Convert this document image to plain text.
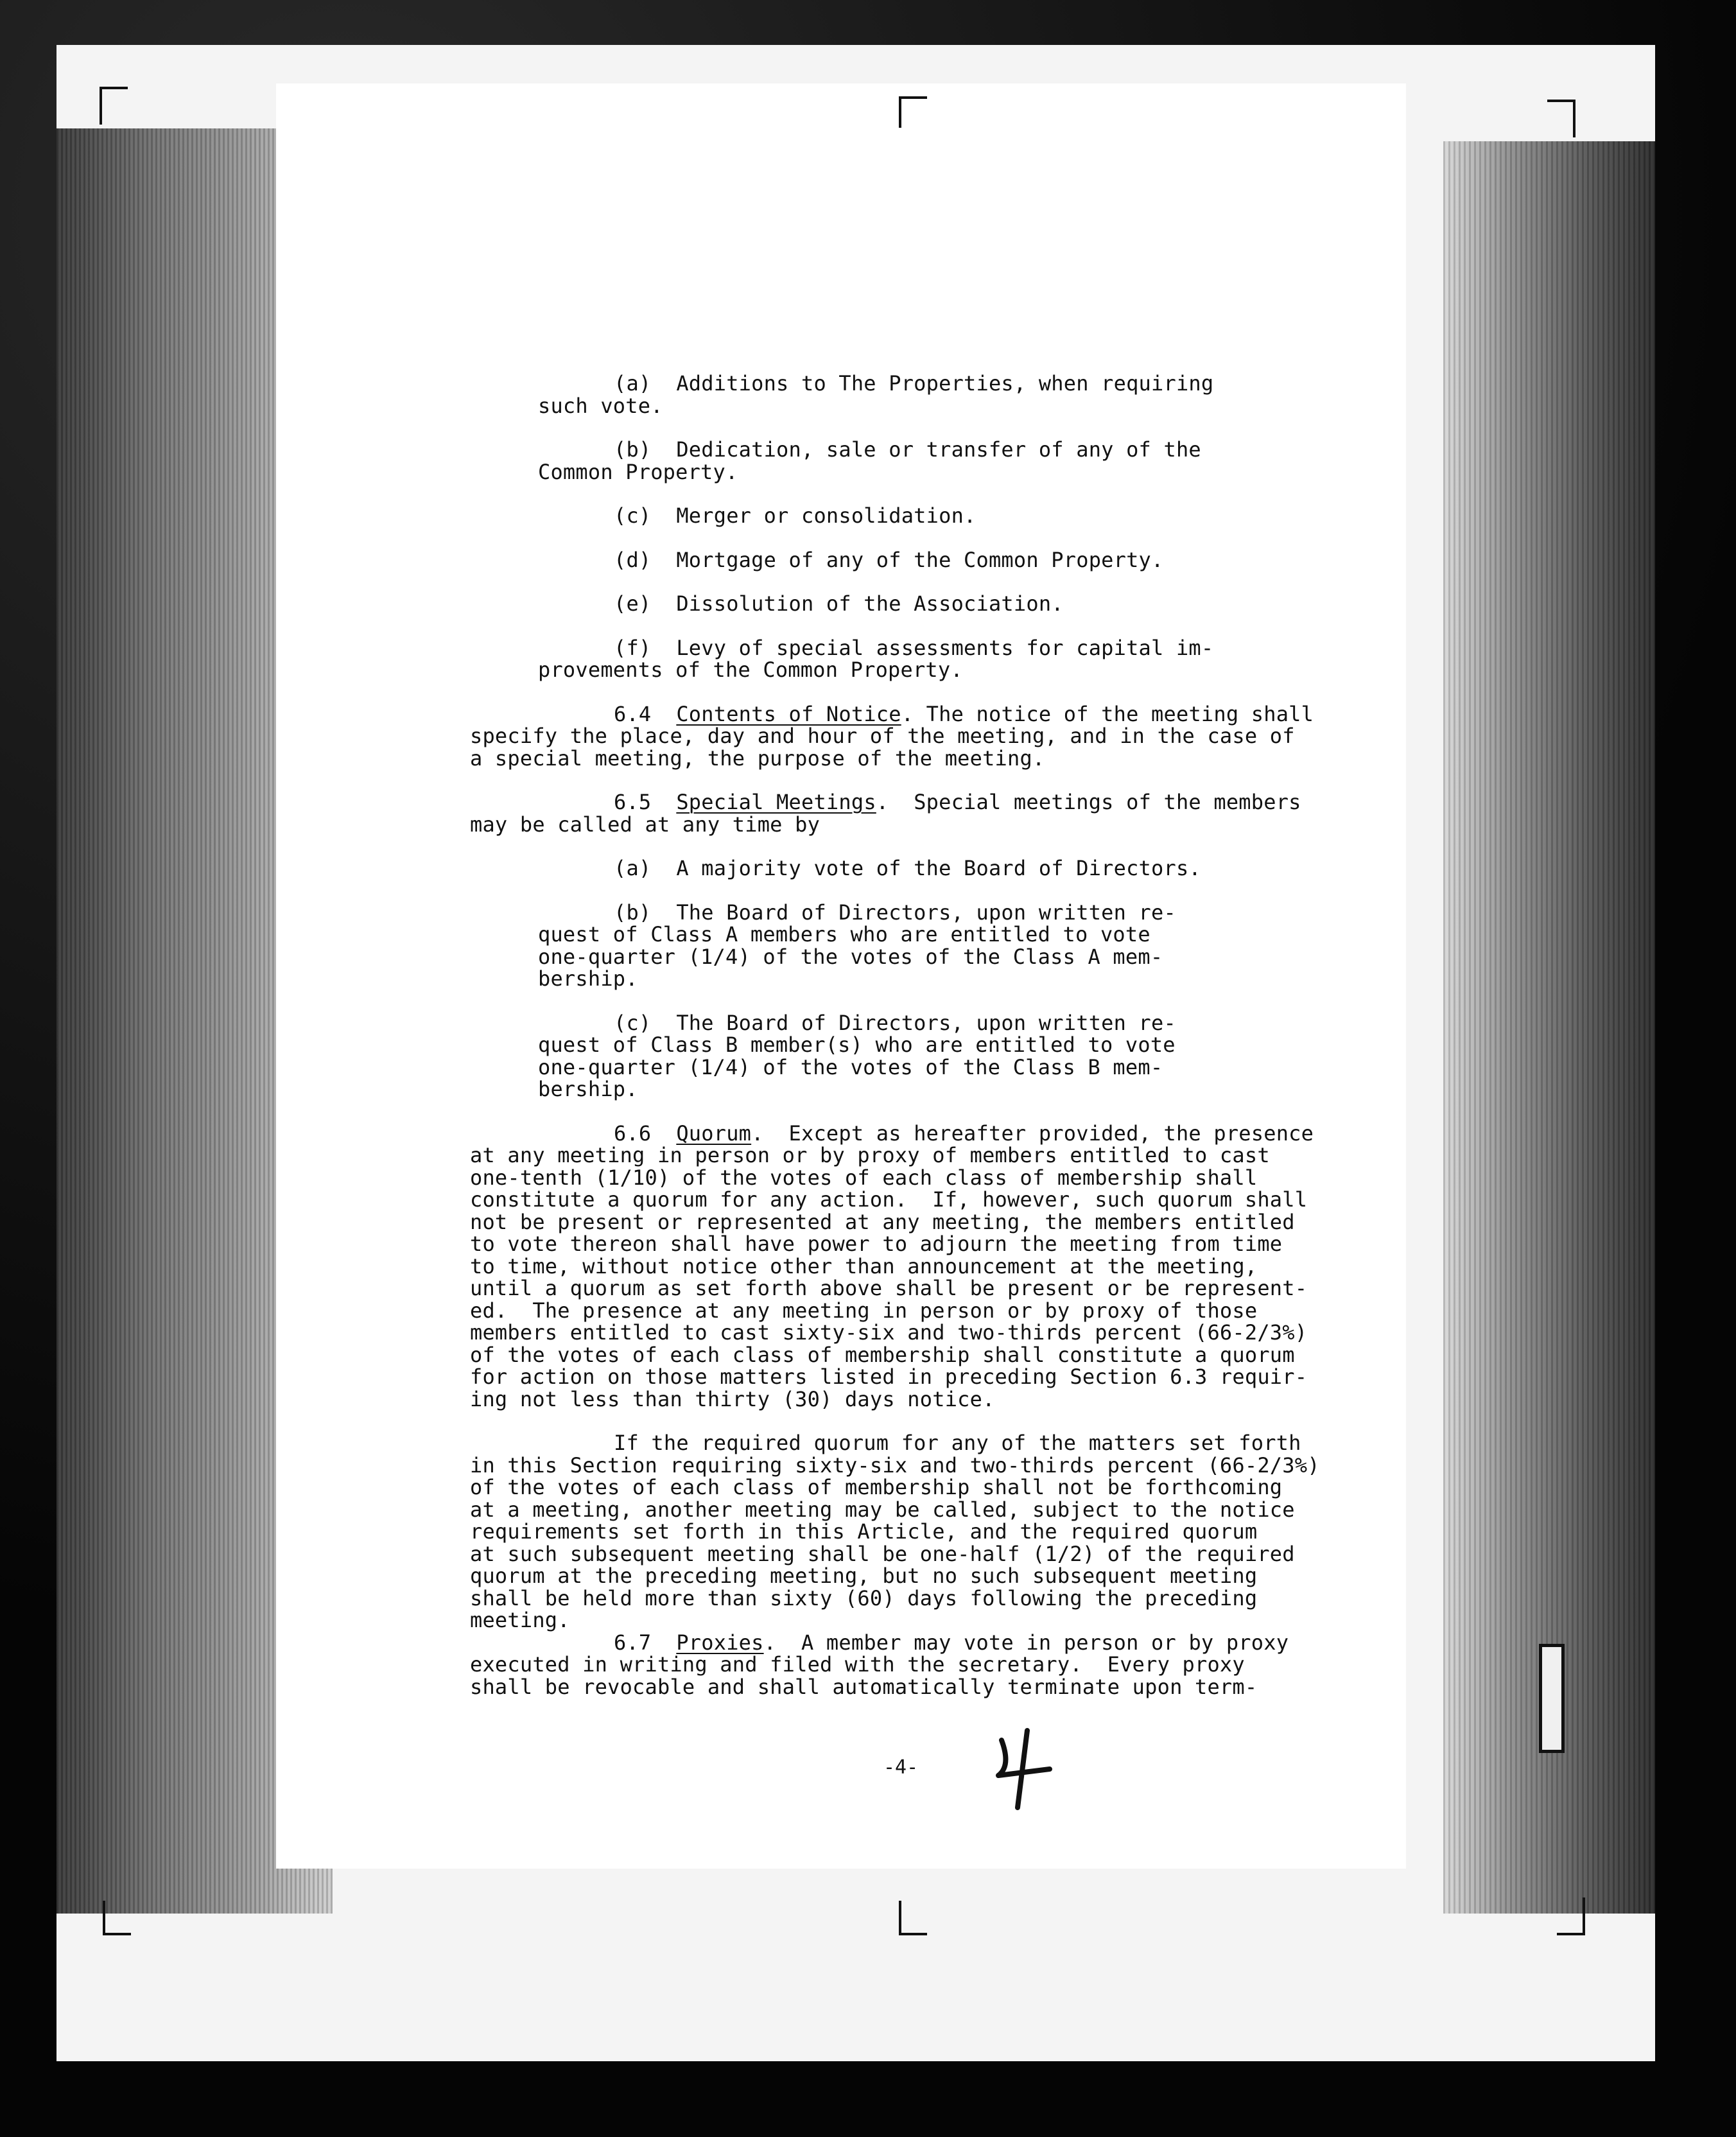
(a)  Additions to The Properties, when requiring

such vote.

(b)  Dedication, sale or transfer of any of the

Common Property.

(c)  Merger or consolidation.

(d)  Mortgage of any of the Common Property.

(e)  Dissolution of the Association.

(f)  Levy of special assessments for capital im-

provements of the Common Property.

6.4 Contents of Notice. The notice of the meeting shall

specify the place, day and hour of the meeting, and in the case of

a special meeting, the purpose of the meeting.

6.5 Special Meetings.  Special meetings of the members

may be called at any time by

(a)  A majority vote of the Board of Directors.

(b)  The Board of Directors, upon written re-

quest of Class A members who are entitled to vote

one-quarter (1/4) of the votes of the Class A mem-

bership.

(c)  The Board of Directors, upon written re-

quest of Class B member(s) who are entitled to vote

one-quarter (1/4) of the votes of the Class B mem-

bership.

6.6 Quorum.  Except as hereafter provided, the presence

at any meeting in person or by proxy of members entitled to cast

one-tenth (1/10) of the votes of each class of membership shall

constitute a quorum for any action.  If, however, such quorum shall

not be present or represented at any meeting, the members entitled

to vote thereon shall have power to adjourn the meeting from time

to time, without notice other than announcement at the meeting,

until a quorum as set forth above shall be present or be represent-

ed.  The presence at any meeting in person or by proxy of those

members entitled to cast sixty-six and two-thirds percent (66-2/3%)

of the votes of each class of membership shall constitute a quorum

for action on those matters listed in preceding Section 6.3 requir-

ing not less than thirty (30) days notice.

If the required quorum for any of the matters set forth

in this Section requiring sixty-six and two-thirds percent (66-2/3%)

of the votes of each class of membership shall not be forthcoming

at a meeting, another meeting may be called, subject to the notice

requirements set forth in this Article, and the required quorum

at such subsequent meeting shall be one-half (1/2) of the required

quorum at the preceding meeting, but no such subsequent meeting

shall be held more than sixty (60) days following the preceding

meeting.

6.7 Proxies.  A member may vote in person or by proxy

executed in writing and filed with the secretary.  Every proxy

shall be revocable and shall automatically terminate upon term-

-4-
